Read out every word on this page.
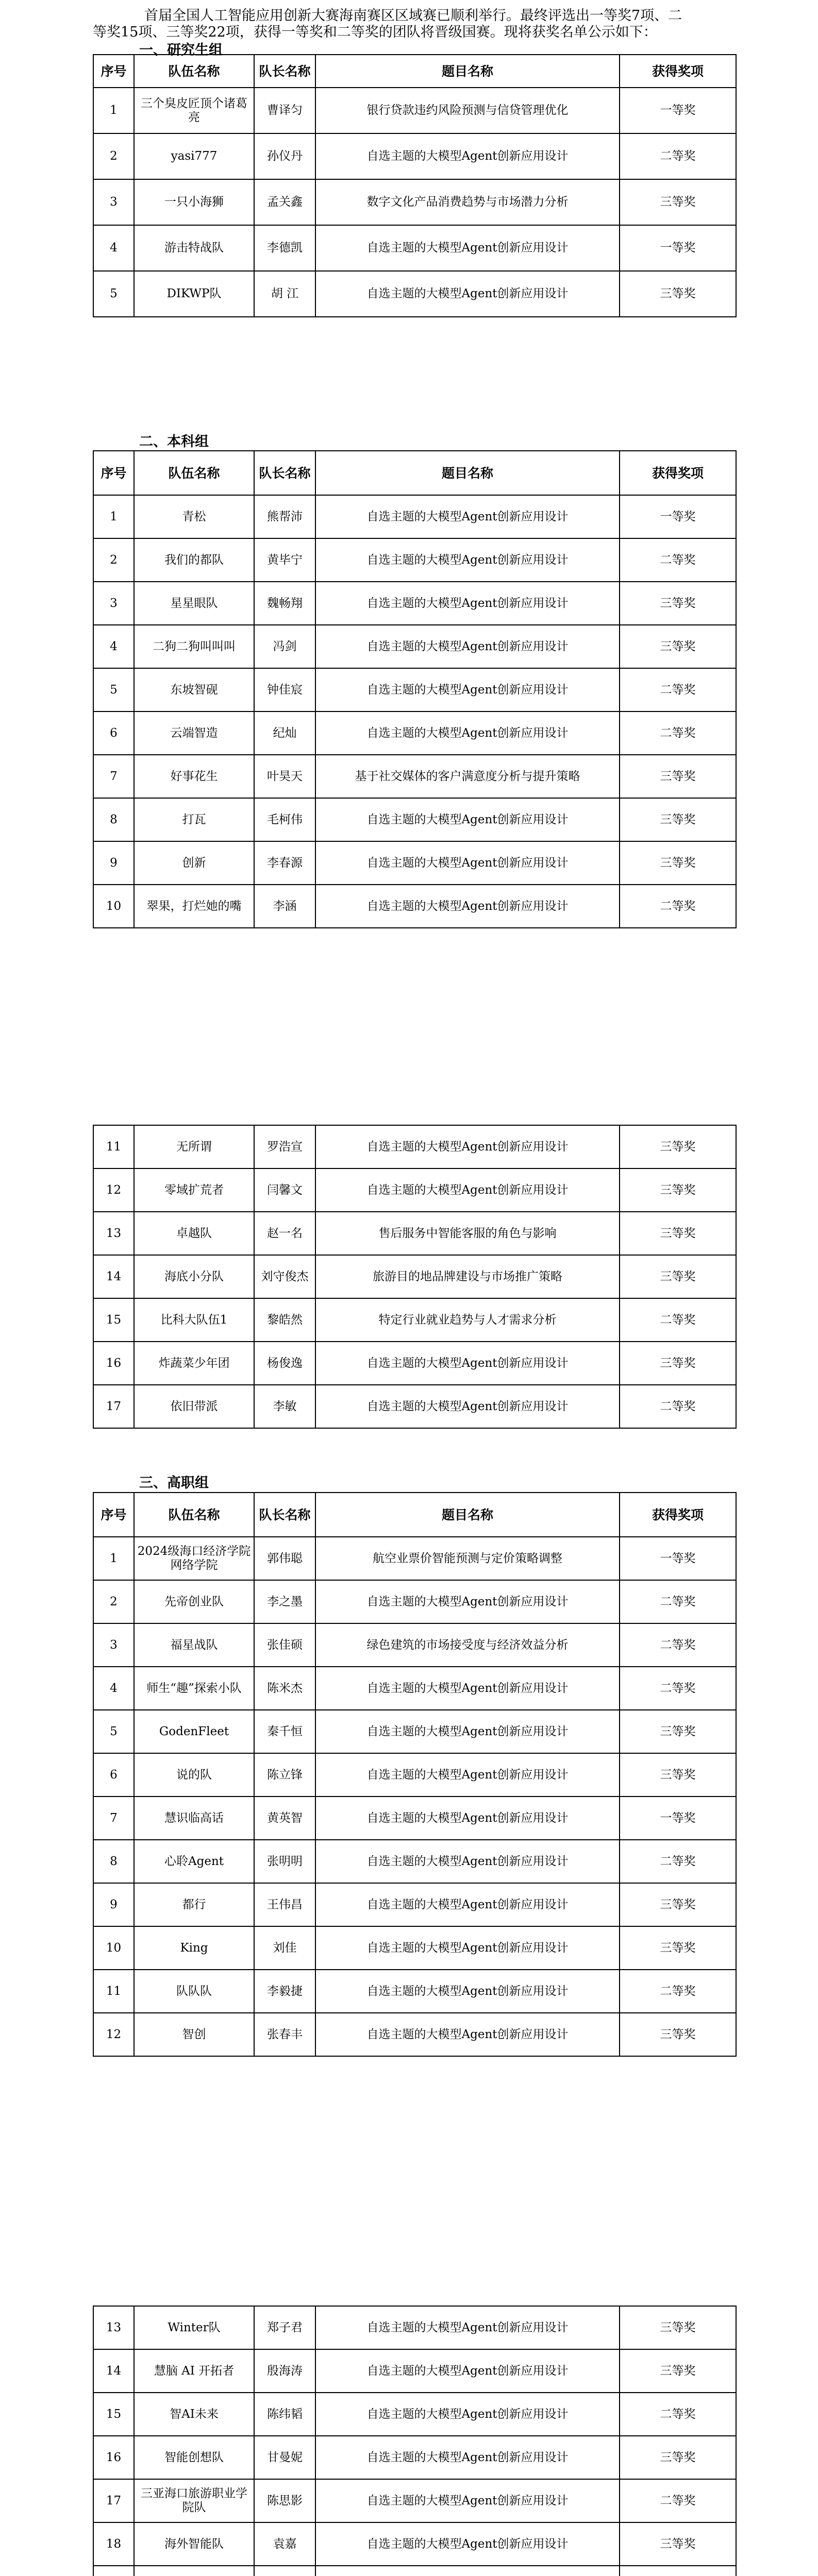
首届全国人工智能应用创新大赛海南赛区区域赛已顺利举行。最终评选出一等奖7项、二等奖15项、三等奖22项，获得一等奖和二等奖的团队将晋级国赛。现将获奖名单公示如下：

一、研究生组
序号	队伍名称	队长名称	题目名称	获得奖项
1	三个臭皮匠顶个诸葛亮	曹译匀	银行贷款违约风险预测与信贷管理优化	一等奖
2	yasi777	孙仪丹	自选主题的大模型Agent创新应用设计	二等奖
3	一只小海狮	孟关鑫	数字文化产品消费趋势与市场潜力分析	三等奖
4	游击特战队	李德凯	自选主题的大模型Agent创新应用设计	一等奖
5	DIKWP队	胡 江	自选主题的大模型Agent创新应用设计	三等奖
二、本科组
序号	队伍名称	队长名称	题目名称	获得奖项
1	青松	熊帮沛	自选主题的大模型Agent创新应用设计	一等奖
2	我们的都队	黄毕宁	自选主题的大模型Agent创新应用设计	二等奖
3	星星眼队	魏畅翔	自选主题的大模型Agent创新应用设计	三等奖
4	二狗二狗叫叫叫	冯剑	自选主题的大模型Agent创新应用设计	三等奖
5	东坡智砚	钟佳宸	自选主题的大模型Agent创新应用设计	二等奖
6	云端智造	纪灿	自选主题的大模型Agent创新应用设计	二等奖
7	好事花生	叶昊天	基于社交媒体的客户满意度分析与提升策略	三等奖
8	打瓦	毛柯伟	自选主题的大模型Agent创新应用设计	三等奖
9	创新	李春源	自选主题的大模型Agent创新应用设计	三等奖
10	翠果，打烂她的嘴	李涵	自选主题的大模型Agent创新应用设计	二等奖
11	无所谓	罗浩宣	自选主题的大模型Agent创新应用设计	三等奖
12	零域扩荒者	闫馨文	自选主题的大模型Agent创新应用设计	三等奖
13	卓越队	赵一名	售后服务中智能客服的角色与影响	三等奖
14	海底小分队	刘守俊杰	旅游目的地品牌建设与市场推广策略	三等奖
15	比科大队伍1	黎皓然	特定行业就业趋势与人才需求分析	二等奖
16	炸蔬菜少年团	杨俊逸	自选主题的大模型Agent创新应用设计	三等奖
17	依旧带派	李敏	自选主题的大模型Agent创新应用设计	二等奖
三、高职组
序号	队伍名称	队长名称	题目名称	获得奖项
1	2024级海口经济学院网络学院	郭伟聪	航空业票价智能预测与定价策略调整	一等奖
2	先帝创业队	李之墨	自选主题的大模型Agent创新应用设计	二等奖
3	福星战队	张佳硕	绿色建筑的市场接受度与经济效益分析	二等奖
4	师生“趣”探索小队	陈米杰	自选主题的大模型Agent创新应用设计	二等奖
5	GodenFleet	秦千恒	自选主题的大模型Agent创新应用设计	三等奖
6	说的队	陈立锋	自选主题的大模型Agent创新应用设计	三等奖
7	慧识临高话	黄英智	自选主题的大模型Agent创新应用设计	一等奖
8	心聆Agent	张明明	自选主题的大模型Agent创新应用设计	二等奖
9	都行	王伟昌	自选主题的大模型Agent创新应用设计	三等奖
10	King	刘佳	自选主题的大模型Agent创新应用设计	三等奖
11	队队队	李毅捷	自选主题的大模型Agent创新应用设计	二等奖
12	智创	张春丰	自选主题的大模型Agent创新应用设计	三等奖
13	Winter队	郑子君	自选主题的大模型Agent创新应用设计	三等奖
14	慧脑 AI 开拓者	殷海涛	自选主题的大模型Agent创新应用设计	三等奖
15	智AI未来	陈纬韬	自选主题的大模型Agent创新应用设计	二等奖
16	智能创想队	甘曼妮	自选主题的大模型Agent创新应用设计	三等奖
17	三亚海口旅游职业学院队	陈思影	自选主题的大模型Agent创新应用设计	二等奖
18	海外智能队	袁嘉	自选主题的大模型Agent创新应用设计	三等奖
